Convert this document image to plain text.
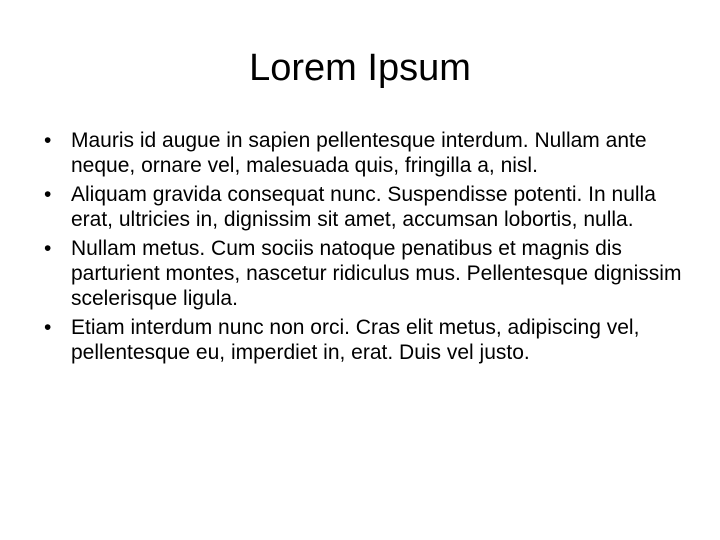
Lorem Ipsum
• Mauris id augue in sapien pellentesque interdum. Nullam ante neque, ornare vel, malesuada quis, fringilla a, nisl.
• Aliquam gravida consequat nunc. Suspendisse potenti. In nulla erat, ultricies in, dignissim sit amet, accumsan lobortis, nulla.
• Nullam metus. Cum sociis natoque penatibus et magnis dis parturient montes, nascetur ridiculus mus. Pellentesque dignissim scelerisque ligula.
• Etiam interdum nunc non orci. Cras elit metus, adipiscing vel, pellentesque eu, imperdiet in, erat. Duis vel justo.
